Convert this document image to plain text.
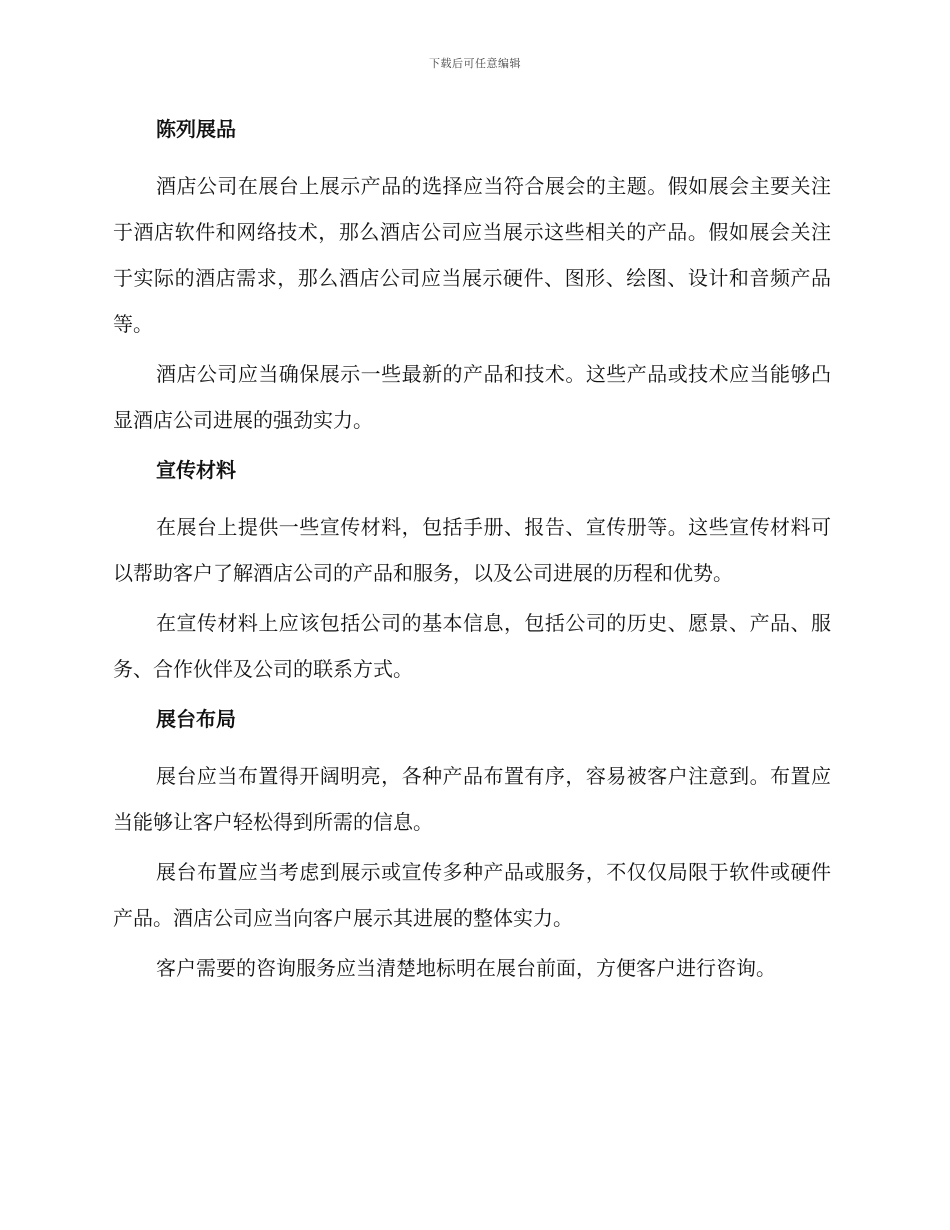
下载后可任意编辑
陈列展品

酒店公司在展台上展示产品的选择应当符合展会的主题。假如展会主要关注于酒店软件和网络技术，那么酒店公司应当展示这些相关的产品。假如展会关注于实际的酒店需求，那么酒店公司应当展示硬件、图形、绘图、设计和音频产品等。

酒店公司应当确保展示一些最新的产品和技术。这些产品或技术应当能够凸显酒店公司进展的强劲实力。

宣传材料

在展台上提供一些宣传材料，包括手册、报告、宣传册等。这些宣传材料可以帮助客户了解酒店公司的产品和服务，以及公司进展的历程和优势。

在宣传材料上应该包括公司的基本信息，包括公司的历史、愿景、产品、服务、合作伙伴及公司的联系方式。

展台布局

展台应当布置得开阔明亮，各种产品布置有序，容易被客户注意到。布置应当能够让客户轻松得到所需的信息。

展台布置应当考虑到展示或宣传多种产品或服务，不仅仅局限于软件或硬件产品。酒店公司应当向客户展示其进展的整体实力。

客户需要的咨询服务应当清楚地标明在展台前面，方便客户进行咨询。
